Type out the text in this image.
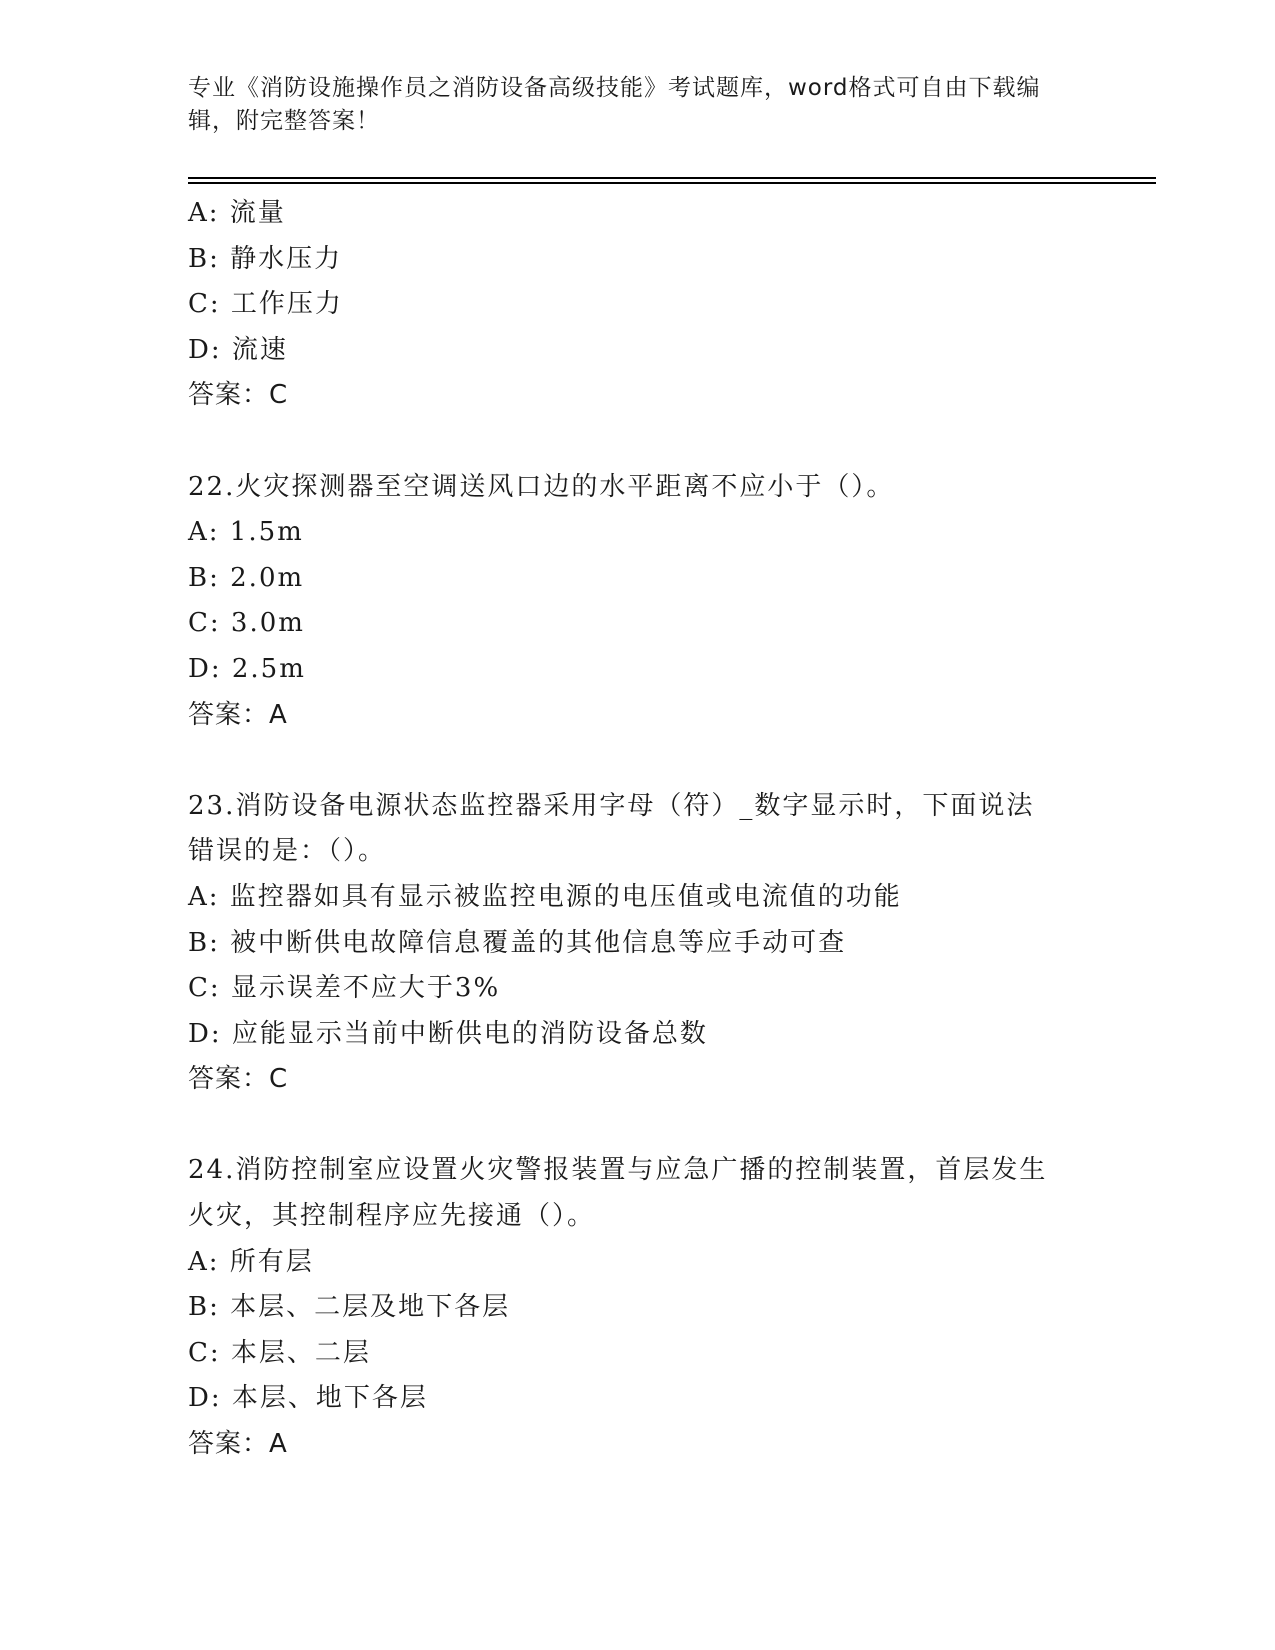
专业《消防设施操作员之消防设备高级技能》考试题库，word格式可自由下载编
辑，附完整答案！
A: 流量
B: 静水压力
C: 工作压力
D: 流速
答案：C
22.火灾探测器至空调送风口边的水平距离不应小于（）。
A: 1.5m
B: 2.0m
C: 3.0m
D: 2.5m
答案：A
23.消防设备电源状态监控器采用字母（符）_数字显示时，下面说法
错误的是：（）。
A: 监控器如具有显示被监控电源的电压值或电流值的功能
B: 被中断供电故障信息覆盖的其他信息等应手动可查
C: 显示误差不应大于3%
D: 应能显示当前中断供电的消防设备总数
答案：C
24.消防控制室应设置火灾警报装置与应急广播的控制装置，首层发生
火灾，其控制程序应先接通（）。
A: 所有层
B: 本层、二层及地下各层
C: 本层、二层
D: 本层、地下各层
答案：A
